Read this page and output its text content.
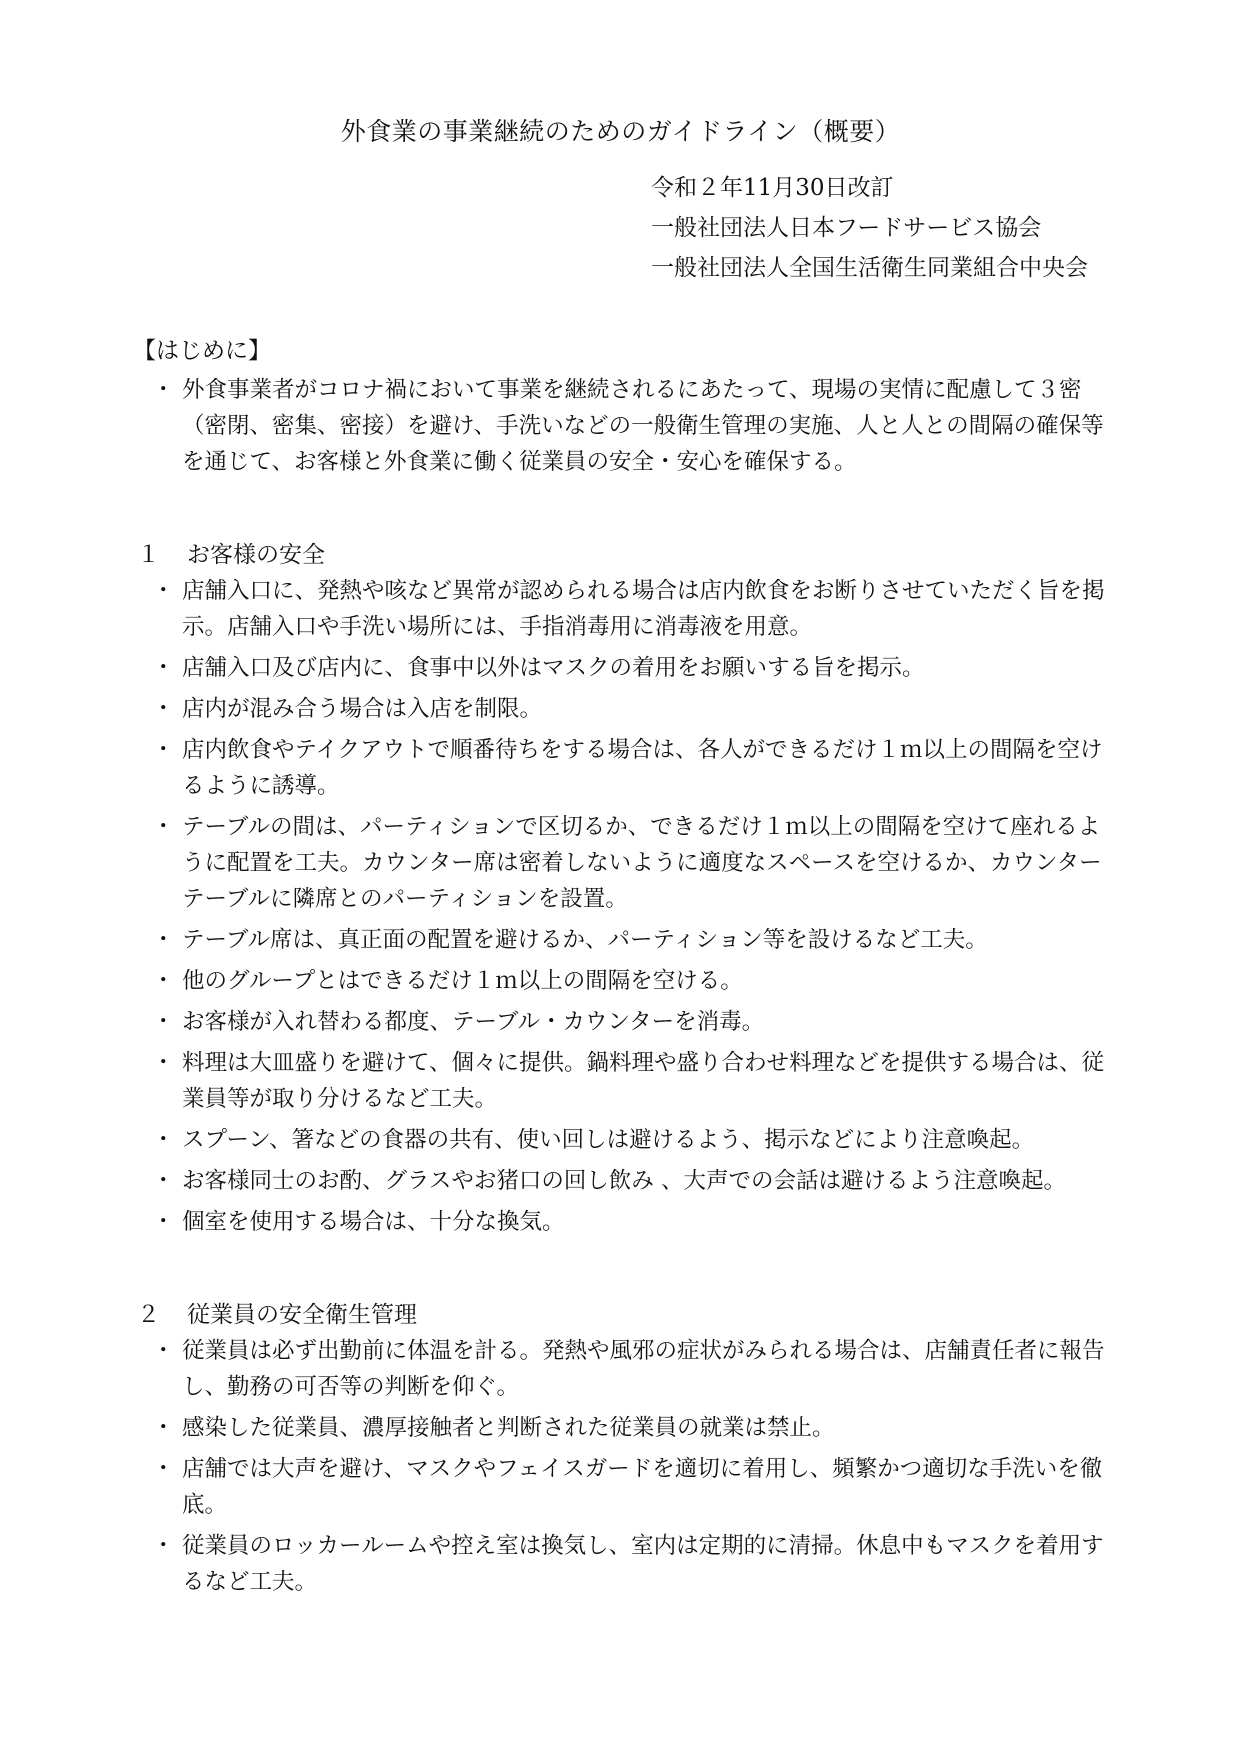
外食業の事業継続のためのガイドライン（概要）
令和２年11月30日改訂
一般社団法人日本フードサービス協会
一般社団法人全国生活衛生同業組合中央会
【はじめに】
・ 外食事業者がコロナ禍において事業を継続されるにあたって、現場の実情に配慮して３密（密閉、密集、密接）を避け、手洗いなどの一般衛生管理の実施、人と人との間隔の確保等を通じて、お客様と外食業に働く従業員の安全・安心を確保する。
１ お客様の安全
・ 店舗入口に、発熱や咳など異常が認められる場合は店内飲食をお断りさせていただく旨を掲示。店舗入口や手洗い場所には、手指消毒用に消毒液を用意。
・ 店舗入口及び店内に、食事中以外はマスクの着用をお願いする旨を掲示。
・ 店内が混み合う場合は入店を制限。
・ 店内飲食やテイクアウトで順番待ちをする場合は、各人ができるだけ１ｍ以上の間隔を空けるように誘導。
・ テーブルの間は、パーティションで区切るか、できるだけ１ｍ以上の間隔を空けて座れるように配置を工夫。カウンター席は密着しないように適度なスペースを空けるか、カウンターテーブルに隣席とのパーティションを設置。
・ テーブル席は、真正面の配置を避けるか、パーティション等を設けるなど工夫。
・ 他のグループとはできるだけ１ｍ以上の間隔を空ける。
・ お客様が入れ替わる都度、テーブル・カウンターを消毒。
・ 料理は大皿盛りを避けて、個々に提供。鍋料理や盛り合わせ料理などを提供する場合は、従業員等が取り分けるなど工夫。
・ スプーン、箸などの食器の共有、使い回しは避けるよう、掲示などにより注意喚起。
・ お客様同士のお酌、グラスやお猪口の回し飲み 、大声での会話は避けるよう注意喚起。
・ 個室を使用する場合は、十分な換気。
２ 従業員の安全衛生管理
・ 従業員は必ず出勤前に体温を計る。発熱や風邪の症状がみられる場合は、店舗責任者に報告し、勤務の可否等の判断を仰ぐ。
・ 感染した従業員、濃厚接触者と判断された従業員の就業は禁止。
・ 店舗では大声を避け、マスクやフェイスガードを適切に着用し、頻繁かつ適切な手洗いを徹底。
・ 従業員のロッカールームや控え室は換気し、室内は定期的に清掃。休息中もマスクを着用するなど工夫。
